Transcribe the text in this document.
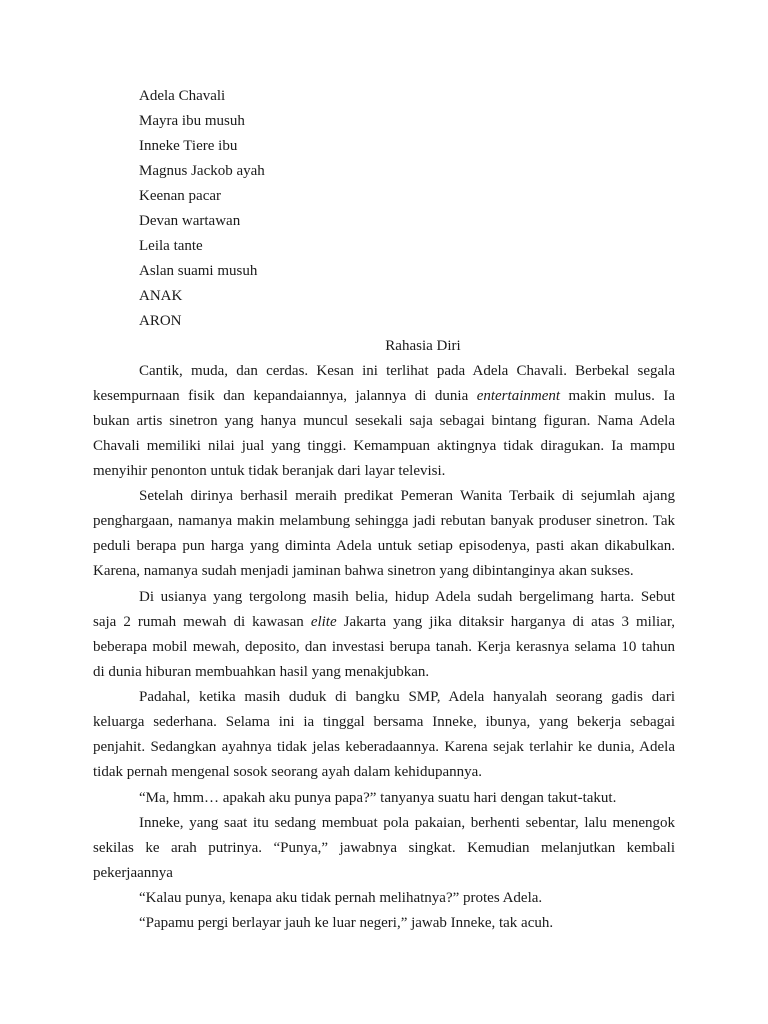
Adela Chavali
Mayra ibu musuh
Inneke Tiere ibu
Magnus Jackob ayah
Keenan pacar
Devan wartawan
Leila tante
Aslan suami musuh
ANAK
ARON
Rahasia Diri
Cantik, muda, dan cerdas. Kesan ini terlihat pada Adela Chavali. Berbekal segala
kesempurnaan fisik dan kepandaiannya, jalannya di dunia entertainment makin mulus. Ia
bukan artis sinetron yang hanya muncul sesekali saja sebagai bintang figuran. Nama Adela
Chavali memiliki nilai jual yang tinggi. Kemampuan aktingnya tidak diragukan. Ia mampu
menyihir penonton untuk tidak beranjak dari layar televisi.
Setelah dirinya berhasil meraih predikat Pemeran Wanita Terbaik di sejumlah ajang
penghargaan, namanya makin melambung sehingga jadi rebutan banyak produser sinetron. Tak
peduli berapa pun harga yang diminta Adela untuk setiap episodenya, pasti akan dikabulkan.
Karena, namanya sudah menjadi jaminan bahwa sinetron yang dibintanginya akan sukses.
Di usianya yang tergolong masih belia, hidup Adela sudah bergelimang harta. Sebut
saja 2 rumah mewah di kawasan elite Jakarta yang jika ditaksir harganya di atas 3 miliar,
beberapa mobil mewah, deposito, dan investasi berupa tanah. Kerja kerasnya selama 10 tahun
di dunia hiburan membuahkan hasil yang menakjubkan.
Padahal, ketika masih duduk di bangku SMP, Adela hanyalah seorang gadis dari
keluarga sederhana. Selama ini ia tinggal bersama Inneke, ibunya, yang bekerja sebagai
penjahit. Sedangkan ayahnya tidak jelas keberadaannya. Karena sejak terlahir ke dunia, Adela
tidak pernah mengenal sosok seorang ayah dalam kehidupannya.
“Ma, hmm… apakah aku punya papa?” tanyanya suatu hari dengan takut-takut.
Inneke, yang saat itu sedang membuat pola pakaian, berhenti sebentar, lalu menengok
sekilas ke arah putrinya. “Punya,” jawabnya singkat. Kemudian melanjutkan kembali
pekerjaannya
“Kalau punya, kenapa aku tidak pernah melihatnya?” protes Adela.
“Papamu pergi berlayar jauh ke luar negeri,” jawab Inneke, tak acuh.
